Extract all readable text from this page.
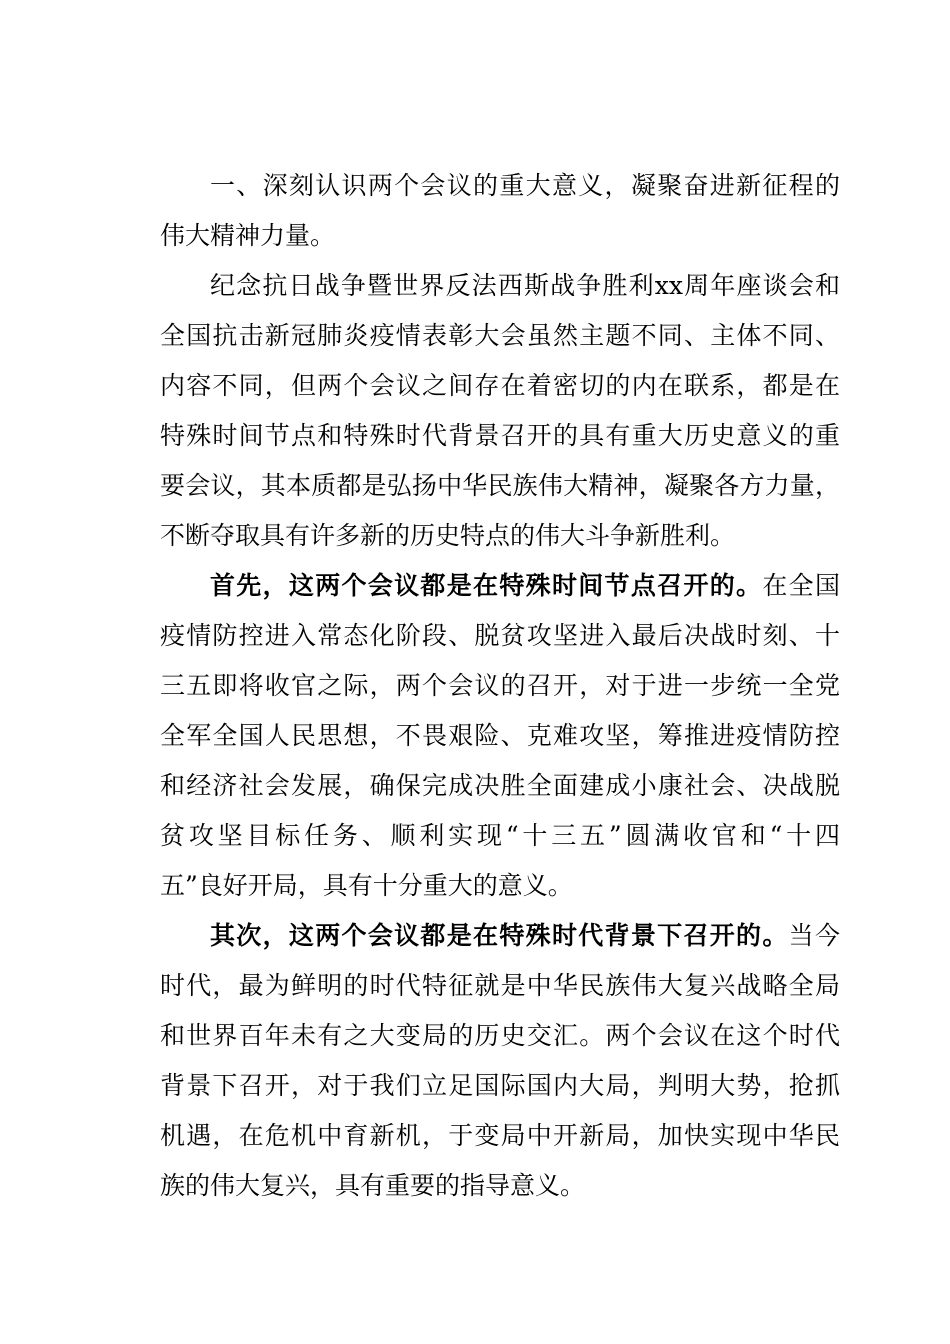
一、深刻认识两个会议的重大意义，凝聚奋进新征程的
伟大精神力量。
纪念抗日战争暨世界反法西斯战争胜利xx周年座谈会和
全国抗击新冠肺炎疫情表彰大会虽然主题不同、主体不同、
内容不同，但两个会议之间存在着密切的内在联系，都是在
特殊时间节点和特殊时代背景召开的具有重大历史意义的重
要会议，其本质都是弘扬中华民族伟大精神，凝聚各方力量，
不断夺取具有许多新的历史特点的伟大斗争新胜利。
首先，这两个会议都是在特殊时间节点召开的。在全国
疫情防控进入常态化阶段、脱贫攻坚进入最后决战时刻、十
三五即将收官之际，两个会议的召开，对于进一步统一全党
全军全国人民思想，不畏艰险、克难攻坚，筹推进疫情防控
和经济社会发展，确保完成决胜全面建成小康社会、决战脱
贫攻坚目标任务、顺利实现“十三五”圆满收官和“十四
五”良好开局，具有十分重大的意义。
其次，这两个会议都是在特殊时代背景下召开的。当今
时代，最为鲜明的时代特征就是中华民族伟大复兴战略全局
和世界百年未有之大变局的历史交汇。两个会议在这个时代
背景下召开，对于我们立足国际国内大局，判明大势，抢抓
机遇，在危机中育新机，于变局中开新局，加快实现中华民
族的伟大复兴，具有重要的指导意义。
